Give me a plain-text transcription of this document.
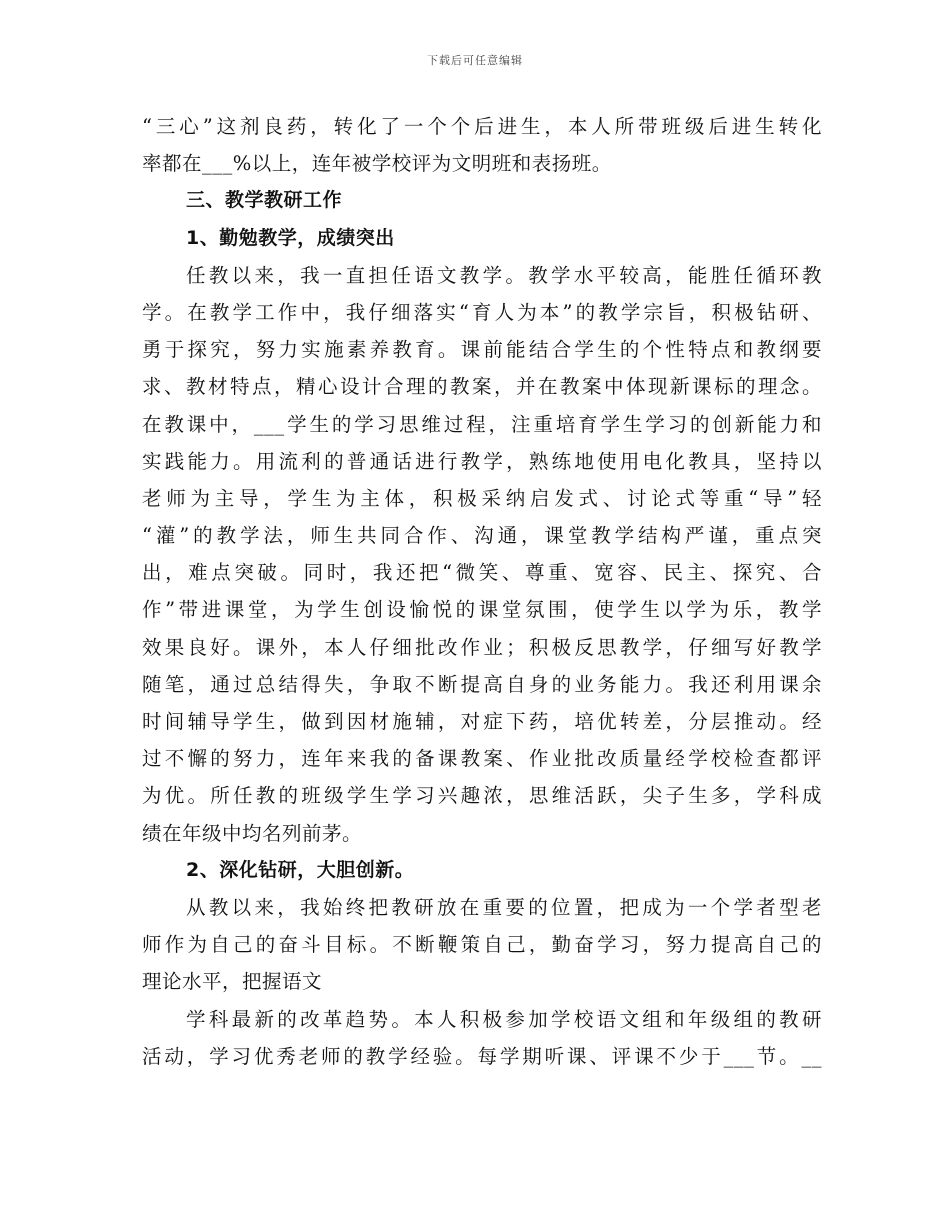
下载后可任意编辑
“三心”这剂良药，转化了一个个后进生，本人所带班级后进生转化
率都在___%以上，连年被学校评为文明班和表扬班。
三、教学教研工作
1、勤勉教学，成绩突出
任教以来，我一直担任语文教学。教学水平较高，能胜任循环教
学。在教学工作中，我仔细落实“育人为本”的教学宗旨，积极钻研、
勇于探究，努力实施素养教育。课前能结合学生的个性特点和教纲要
求、教材特点，精心设计合理的教案，并在教案中体现新课标的理念。
在教课中，___学生的学习思维过程，注重培育学生学习的创新能力和
实践能力。用流利的普通话进行教学，熟练地使用电化教具，坚持以
老师为主导，学生为主体，积极采纳启发式、讨论式等重“导”轻
“灌”的教学法，师生共同合作、沟通，课堂教学结构严谨，重点突
出，难点突破。同时，我还把“微笑、尊重、宽容、民主、探究、合
作”带进课堂，为学生创设愉悦的课堂氛围，使学生以学为乐，教学
效果良好。课外，本人仔细批改作业；积极反思教学，仔细写好教学
随笔，通过总结得失，争取不断提高自身的业务能力。我还利用课余
时间辅导学生，做到因材施辅，对症下药，培优转差，分层推动。经
过不懈的努力，连年来我的备课教案、作业批改质量经学校检查都评
为优。所任教的班级学生学习兴趣浓，思维活跃，尖子生多，学科成
绩在年级中均名列前茅。
2、深化钻研，大胆创新。
从教以来，我始终把教研放在重要的位置，把成为一个学者型老
师作为自己的奋斗目标。不断鞭策自己，勤奋学习，努力提高自己的
理论水平，把握语文
学科最新的改革趋势。本人积极参加学校语文组和年级组的教研
活动，学习优秀老师的教学经验。每学期听课、评课不少于___节。__
